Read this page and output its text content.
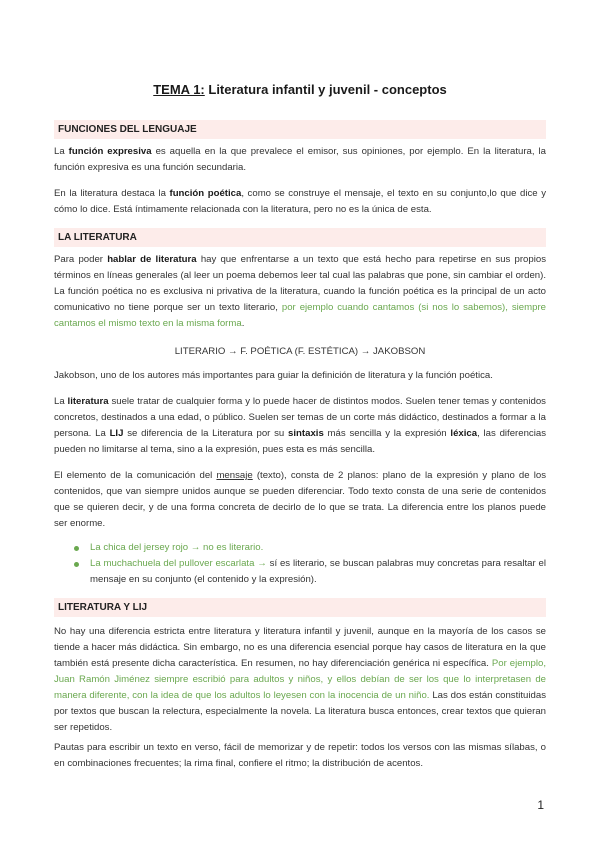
TEMA 1: Literatura infantil y juvenil - conceptos
FUNCIONES DEL LENGUAJE
La función expresiva es aquella en la que prevalece el emisor, sus opiniones, por ejemplo. En la literatura, la función expresiva es una función secundaria.
En la literatura destaca la función poética, como se construye el mensaje, el texto en su conjunto,lo que dice y cómo lo dice. Está íntimamente relacionada con la literatura, pero no es la única de esta.
LA LITERATURA
Para poder hablar de literatura hay que enfrentarse a un texto que está hecho para repetirse en sus propios términos en líneas generales (al leer un poema debemos leer tal cual las palabras que pone, sin cambiar el orden). La función poética no es exclusiva ni privativa de la literatura, cuando la función poética es la principal de un acto comunicativo no tiene porque ser un texto literario, por ejemplo cuando cantamos (si nos lo sabemos), siempre cantamos el mismo texto en la misma forma.
LITERARIO → F. POÉTICA (F. ESTÉTICA) → JAKOBSON
Jakobson, uno de los autores más importantes para guiar la definición de literatura y la función poética.
La literatura suele tratar de cualquier forma y lo puede hacer de distintos modos. Suelen tener temas y contenidos concretos, destinados a una edad, o público. Suelen ser temas de un corte más didáctico, destinados a formar a la persona. La LIJ se diferencia de la Literatura por su sintaxis más sencilla y la expresión léxica, las diferencias pueden no limitarse al tema, sino a la expresión, pues esta es más sencilla.
El elemento de la comunicación del mensaje (texto), consta de 2 planos: plano de la expresión y plano de los contenidos, que van siempre unidos aunque se pueden diferenciar. Todo texto consta de una serie de contenidos que se quieren decir, y de una forma concreta de decirlo de lo que se trata. La diferencia entre los planos puede ser enorme.
La chica del jersey rojo → no es literario.
La muchachuela del pullover escarlata → sí es literario, se buscan palabras muy concretas para resaltar el mensaje en su conjunto (el contenido y la expresión).
LITERATURA Y LIJ
No hay una diferencia estricta entre literatura y literatura infantil y juvenil, aunque en la mayoría de los casos se tiende a hacer más didáctica. Sin embargo, no es una diferencia esencial porque hay casos de literatura en la que también está presente dicha característica. En resumen, no hay diferenciación genérica ni específica. Por ejemplo, Juan Ramón Jiménez siempre escribió para adultos y niños, y ellos debían de ser los que lo interpretasen de manera diferente, con la idea de que los adultos lo leyesen con la inocencia de un niño. Las dos están constituidas por textos que buscan la relectura, especialmente la novela. La literatura busca entonces, crear textos que quieran ser repetidos.
Pautas para escribir un texto en verso, fácil de memorizar y de repetir: todos los versos con las mismas sílabas, o en combinaciones frecuentes; la rima final, confiere el ritmo; la distribución de acentos.
1
